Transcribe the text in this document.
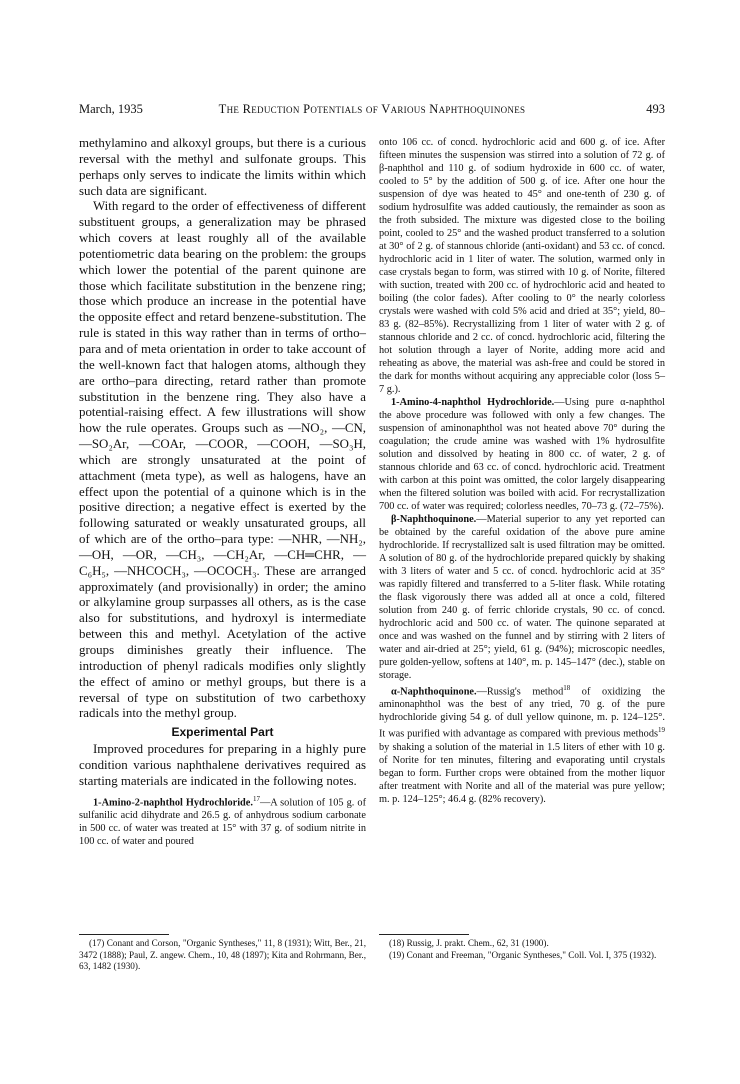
March, 1935	The Reduction Potentials of Various Naphthoquinones	493

methylamino and alkoxyl groups, but there is a curious reversal with the methyl and sulfonate groups. This perhaps only serves to indicate the limits within which such data are significant.

With regard to the order of effectiveness of different substituent groups, a generalization may be phrased which covers at least roughly all of the available potentiometric data bearing on the problem: the groups which lower the potential of the parent quinone are those which facilitate substitution in the benzene ring; those which produce an increase in the potential have the opposite effect and retard benzene-substitution. The rule is stated in this way rather than in terms of ortho–para and of meta orientation in order to take account of the well-known fact that halogen atoms, although they are ortho–para directing, retard rather than promote substitution in the benzene ring. They also have a potential-raising effect. A few illustrations will show how the rule operates. Groups such as —NO₂, —CN, —SO₂Ar, —COAr, —COOR, —COOH, —SO₃H, which are strongly unsaturated at the point of attachment (meta type), as well as halogens, have an effect upon the potential of a quinone which is in the positive direction; a negative effect is exerted by the following saturated or weakly unsaturated groups, all of which are of the ortho–para type: —NHR, —NH₂, —OH, —OR, —CH₃, —CH₂Ar, —CH═CHR, —C₆H₅, —NHCOCH₃, —OCOCH₃. These are arranged approximately (and provisionally) in order; the amino or alkylamine group surpasses all others, as is the case also for substitutions, and hydroxyl is intermediate between this and methyl. Acetylation of the active groups diminishes greatly their influence. The introduction of phenyl radicals modifies only slightly the effect of amino or methyl groups, but there is a reversal of type on substitution of two carbethoxy radicals into the methyl group.

Experimental Part

Improved procedures for preparing in a highly pure condition various naphthalene derivatives required as starting materials are indicated in the following notes.

1-Amino-2-naphthol Hydrochloride.$^{17}$—A solution of 105 g. of sulfanilic acid dihydrate and 26.5 g. of anhydrous sodium carbonate in 500 cc. of water was treated at 15° with 37 g. of sodium nitrite in 100 cc. of water and poured

onto 106 cc. of concd. hydrochloric acid and 600 g. of ice. After fifteen minutes the suspension was stirred into a solution of 72 g. of β-naphthol and 110 g. of sodium hydroxide in 600 cc. of water, cooled to 5° by the addition of 500 g. of ice. After one hour the suspension of dye was heated to 45° and one-tenth of 230 g. of sodium hydrosulfite was added cautiously, the remainder as soon as the froth subsided. The mixture was digested close to the boiling point, cooled to 25° and the washed product transferred to a solution at 30° of 2 g. of stannous chloride (anti-oxidant) and 53 cc. of concd. hydrochloric acid in 1 liter of water. The solution, warmed only in case crystals began to form, was stirred with 10 g. of Norite, filtered with suction, treated with 200 cc. of hydrochloric acid and heated to boiling (the color fades). After cooling to 0° the nearly colorless crystals were washed with cold 5% acid and dried at 35°; yield, 80–83 g. (82–85%). Recrystallizing from 1 liter of water with 2 g. of stannous chloride and 2 cc. of concd. hydrochloric acid, filtering the hot solution through a layer of Norite, adding more acid and reheating as above, the material was ash-free and could be stored in the dark for months without acquiring any appreciable color (loss 5–7 g.).

1-Amino-4-naphthol Hydrochloride.—Using pure α-naphthol the above procedure was followed with only a few changes. The suspension of aminonaphthol was not heated above 70° during the coagulation; the crude amine was washed with 1% hydrosulfite solution and dissolved by heating in 800 cc. of water, 2 g. of stannous chloride and 63 cc. of concd. hydrochloric acid. Treatment with carbon at this point was omitted, the color largely disappearing when the filtered solution was boiled with acid. For recrystallization 700 cc. of water was required; colorless needles, 70–73 g. (72–75%).

β-Naphthoquinone.—Material superior to any yet reported can be obtained by the careful oxidation of the above pure amine hydrochloride. If recrystallized salt is used filtration may be omitted. A solution of 80 g. of the hydrochloride prepared quickly by shaking with 3 liters of water and 5 cc. of concd. hydrochloric acid at 35° was rapidly filtered and transferred to a 5-liter flask. While rotating the flask vigorously there was added all at once a cold, filtered solution from 240 g. of ferric chloride crystals, 90 cc. of concd. hydrochloric acid and 500 cc. of water. The quinone separated at once and was washed on the funnel and by stirring with 2 liters of water and air-dried at 25°; yield, 61 g. (94%); microscopic needles, pure golden-yellow, softens at 140°, m. p. 145–147° (dec.), stable on storage.

α-Naphthoquinone.—Russig's method$^{18}$ of oxidizing the aminonaphthol was the best of any tried, 70 g. of the pure hydrochloride giving 54 g. of dull yellow quinone, m. p. 124–125°. It was purified with advantage as compared with previous methods$^{19}$ by shaking a solution of the material in 1.5 liters of ether with 10 g. of Norite for ten minutes, filtering and evaporating until crystals began to form. Further crops were obtained from the mother liquor after treatment with Norite and all of the material was pure yellow; m. p. 124–125°; 46.4 g. (82% recovery).

(17) Conant and Corson, "Organic Syntheses," 11, 8 (1931); Witt, Ber., 21, 3472 (1888); Paul, Z. angew. Chem., 10, 48 (1897); Kita and Rohrmann, Ber., 63, 1482 (1930).

(18) Russig, J. prakt. Chem., 62, 31 (1900).

(19) Conant and Freeman, "Organic Syntheses," Coll. Vol. I, 375 (1932).
